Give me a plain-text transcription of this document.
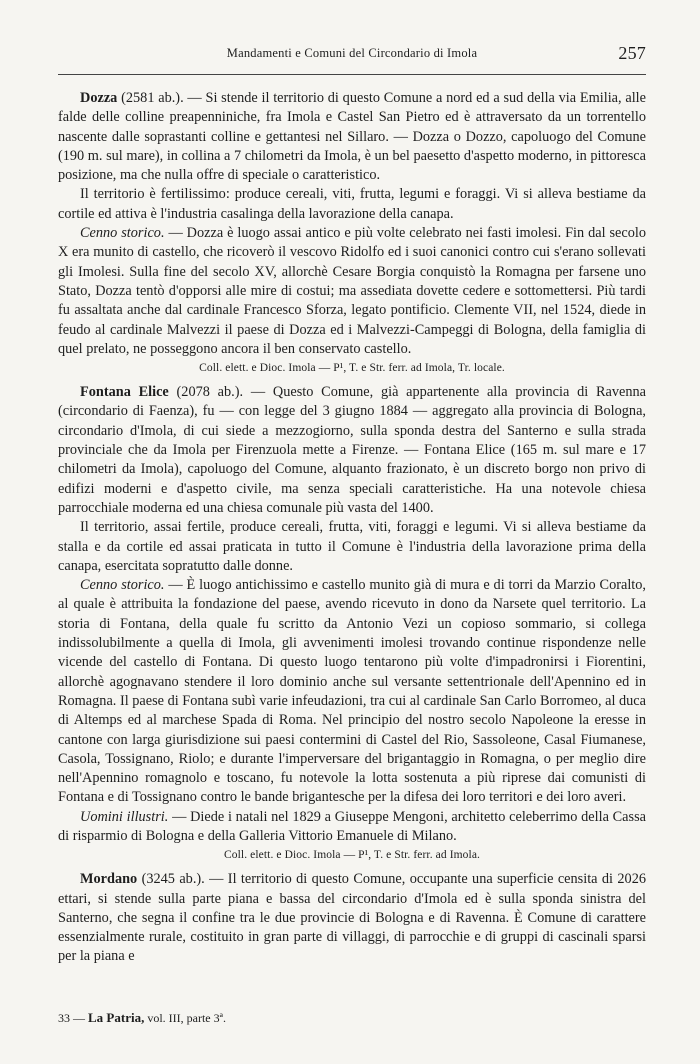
Mandamenti e Comuni del Circondario di Imola	257

Dozza (2581 ab.). — Si stende il territorio di questo Comune a nord ed a sud della via Emilia, alle falde delle colline preapenniniche, fra Imola e Castel San Pietro ed è attraversato da un torrentello nascente dalle soprastanti colline e gettantesi nel Sillaro. — Dozza o Dozzo, capoluogo del Comune (190 m. sul mare), in collina a 7 chilometri da Imola, è un bel paesetto d'aspetto moderno, in pittoresca posizione, ma che nulla offre di speciale o caratteristico.

Il territorio è fertilissimo: produce cereali, viti, frutta, legumi e foraggi. Vi si alleva bestiame da cortile ed attiva è l'industria casalinga della lavorazione della canapa.

Cenno storico. — Dozza è luogo assai antico e più volte celebrato nei fasti imolesi. Fin dal secolo X era munito di castello, che ricoverò il vescovo Ridolfo ed i suoi canonici contro cui s'erano sollevati gli Imolesi. Sulla fine del secolo XV, allorchè Cesare Borgia conquistò la Romagna per farsene uno Stato, Dozza tentò d'opporsi alle mire di costui; ma assediata dovette cedere e sottomettersi. Più tardi fu assaltata anche dal cardinale Francesco Sforza, legato pontificio. Clemente VII, nel 1524, diede in feudo al cardinale Malvezzi il paese di Dozza ed i Malvezzi-Campeggi di Bologna, della famiglia di quel prelato, ne posseggono ancora il ben conservato castello.

Coll. elett. e Dioc. Imola — P¹, T. e Str. ferr. ad Imola, Tr. locale.

Fontana Elice (2078 ab.). — Questo Comune, già appartenente alla provincia di Ravenna (circondario di Faenza), fu — con legge del 3 giugno 1884 — aggregato alla provincia di Bologna, circondario d'Imola, di cui siede a mezzogiorno, sulla sponda destra del Santerno e sulla strada provinciale che da Imola per Firenzuola mette a Firenze. — Fontana Elice (165 m. sul mare e 17 chilometri da Imola), capoluogo del Comune, alquanto frazionato, è un discreto borgo non privo di edifizi moderni e d'aspetto civile, ma senza speciali caratteristiche. Ha una notevole chiesa parrocchiale moderna ed una chiesa comunale più vasta del 1400.

Il territorio, assai fertile, produce cereali, frutta, viti, foraggi e legumi. Vi si alleva bestiame da stalla e da cortile ed assai praticata in tutto il Comune è l'industria della lavorazione prima della canapa, esercitata sopratutto dalle donne.

Cenno storico. — È luogo antichissimo e castello munito già di mura e di torri da Marzio Coralto, al quale è attribuita la fondazione del paese, avendo ricevuto in dono da Narsete quel territorio. La storia di Fontana, della quale fu scritto da Antonio Vezi un copioso sommario, si collega indissolubilmente a quella di Imola, gli avvenimenti imolesi trovando continue rispondenze nelle vicende del castello di Fontana. Di questo luogo tentarono più volte d'impadronirsi i Fiorentini, allorchè agognavano stendere il loro dominio anche sul versante settentrionale dell'Apennino ed in Romagna. Il paese di Fontana subì varie infeudazioni, tra cui al cardinale San Carlo Borromeo, al duca di Altemps ed al marchese Spada di Roma. Nel principio del nostro secolo Napoleone la eresse in cantone con larga giurisdizione sui paesi contermini di Castel del Rio, Sassoleone, Casal Fiumanese, Casola, Tossignano, Riolo; e durante l'imperversare del brigantaggio in Romagna, o per meglio dire nell'Apennino romagnolo e toscano, fu notevole la lotta sostenuta a più riprese dai comunisti di Fontana e di Tossignano contro le bande brigantesche per la difesa dei loro territori e dei loro averi.

Uomini illustri. — Diede i natali nel 1829 a Giuseppe Mengoni, architetto celeberrimo della Cassa di risparmio di Bologna e della Galleria Vittorio Emanuele di Milano.

Coll. elett. e Dioc. Imola — P¹, T. e Str. ferr. ad Imola.

Mordano (3245 ab.). — Il territorio di questo Comune, occupante una superficie censita di 2026 ettari, si stende sulla parte piana e bassa del circondario d'Imola ed è sulla sponda sinistra del Santerno, che segna il confine tra le due provincie di Bologna e di Ravenna. È Comune di carattere essenzialmente rurale, costituito in gran parte di villaggi, di parrocchie e di gruppi di cascinali sparsi per la piana e

33 — La Patria, vol. III, parte 3ª.
